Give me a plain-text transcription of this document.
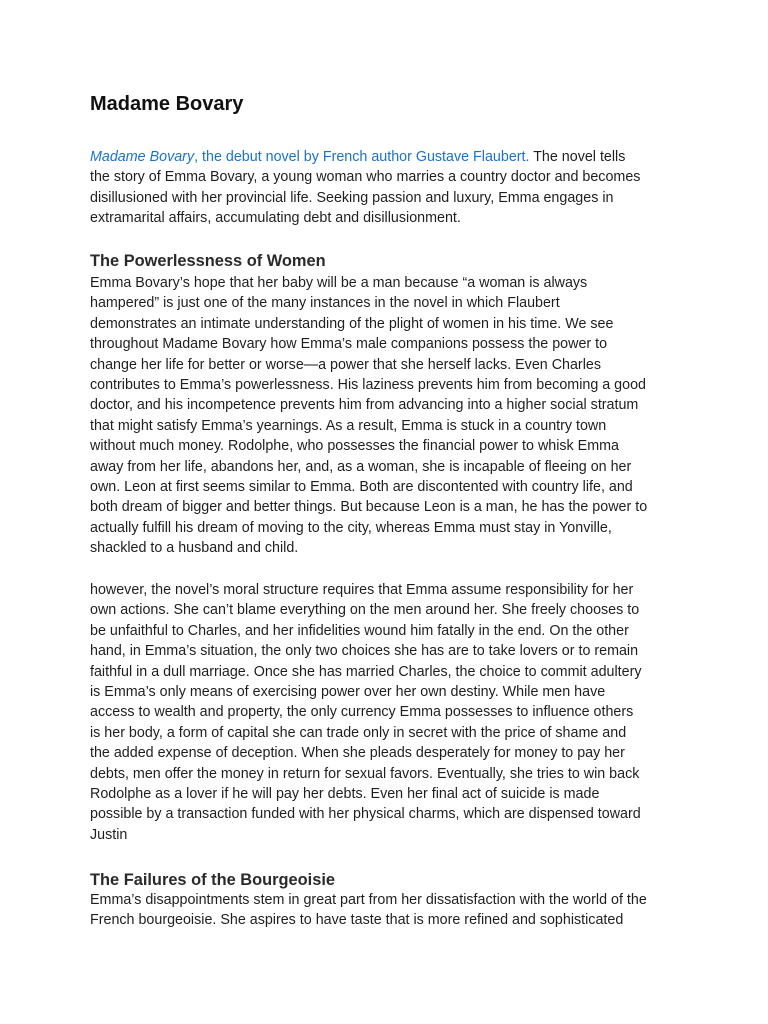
Madame Bovary

Madame Bovary, the debut novel by French author Gustave Flaubert. The novel tells
the story of Emma Bovary, a young woman who marries a country doctor and becomes
disillusioned with her provincial life. Seeking passion and luxury, Emma engages in
extramarital affairs, accumulating debt and disillusionment.

The Powerlessness of Women

Emma Bovary’s hope that her baby will be a man because “a woman is always
hampered” is just one of the many instances in the novel in which Flaubert
demonstrates an intimate understanding of the plight of women in his time. We see
throughout Madame Bovary how Emma’s male companions possess the power to
change her life for better or worse—a power that she herself lacks. Even Charles
contributes to Emma’s powerlessness. His laziness prevents him from becoming a good
doctor, and his incompetence prevents him from advancing into a higher social stratum
that might satisfy Emma’s yearnings. As a result, Emma is stuck in a country town
without much money. Rodolphe, who possesses the financial power to whisk Emma
away from her life, abandons her, and, as a woman, she is incapable of fleeing on her
own. Leon at first seems similar to Emma. Both are discontented with country life, and
both dream of bigger and better things. But because Leon is a man, he has the power to
actually fulfill his dream of moving to the city, whereas Emma must stay in Yonville,
shackled to a husband and child.

however, the novel’s moral structure requires that Emma assume responsibility for her
own actions. She can’t blame everything on the men around her. She freely chooses to
be unfaithful to Charles, and her infidelities wound him fatally in the end. On the other
hand, in Emma’s situation, the only two choices she has are to take lovers or to remain
faithful in a dull marriage. Once she has married Charles, the choice to commit adultery
is Emma’s only means of exercising power over her own destiny. While men have
access to wealth and property, the only currency Emma possesses to influence others
is her body, a form of capital she can trade only in secret with the price of shame and
the added expense of deception. When she pleads desperately for money to pay her
debts, men offer the money in return for sexual favors. Eventually, she tries to win back
Rodolphe as a lover if he will pay her debts. Even her final act of suicide is made
possible by a transaction funded with her physical charms, which are dispensed toward
Justin

The Failures of the Bourgeoisie

Emma’s disappointments stem in great part from her dissatisfaction with the world of the
French bourgeoisie. She aspires to have taste that is more refined and sophisticated
